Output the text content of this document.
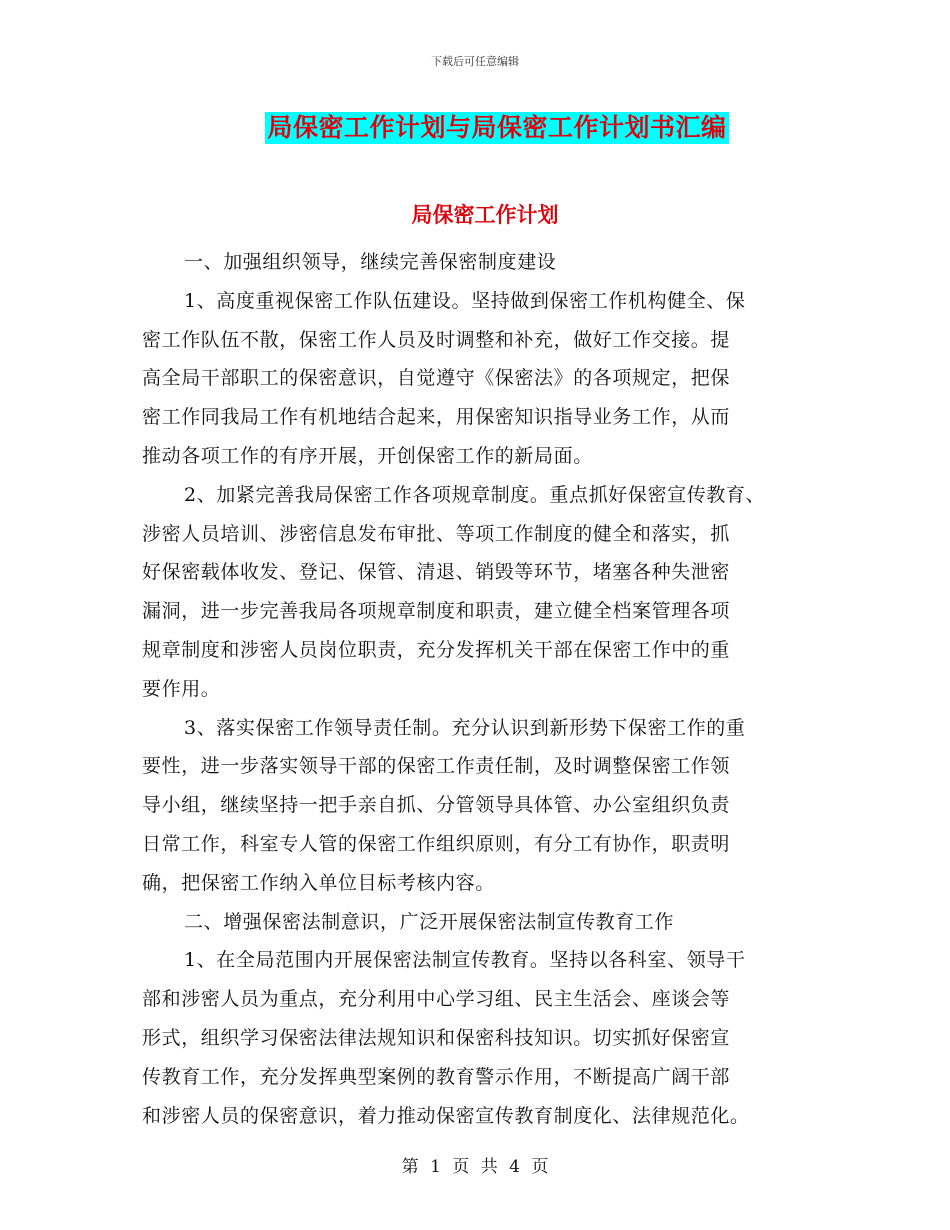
下载后可任意编辑
局保密工作计划与局保密工作计划书汇编
局保密工作计划
一、加强组织领导，继续完善保密制度建设
1、高度重视保密工作队伍建设。坚持做到保密工作机构健全、保
密工作队伍不散，保密工作人员及时调整和补充，做好工作交接。提
高全局干部职工的保密意识，自觉遵守《保密法》的各项规定，把保
密工作同我局工作有机地结合起来，用保密知识指导业务工作，从而
推动各项工作的有序开展，开创保密工作的新局面。
2、加紧完善我局保密工作各项规章制度。重点抓好保密宣传教育、
涉密人员培训、涉密信息发布审批、等项工作制度的健全和落实，抓
好保密载体收发、登记、保管、清退、销毁等环节，堵塞各种失泄密
漏洞，进一步完善我局各项规章制度和职责，建立健全档案管理各项
规章制度和涉密人员岗位职责，充分发挥机关干部在保密工作中的重
要作用。
3、落实保密工作领导责任制。充分认识到新形势下保密工作的重
要性，进一步落实领导干部的保密工作责任制，及时调整保密工作领
导小组，继续坚持一把手亲自抓、分管领导具体管、办公室组织负责
日常工作，科室专人管的保密工作组织原则，有分工有协作，职责明
确，把保密工作纳入单位目标考核内容。
二、增强保密法制意识，广泛开展保密法制宣传教育工作
1、在全局范围内开展保密法制宣传教育。坚持以各科室、领导干
部和涉密人员为重点，充分利用中心学习组、民主生活会、座谈会等
形式，组织学习保密法律法规知识和保密科技知识。切实抓好保密宣
传教育工作，充分发挥典型案例的教育警示作用，不断提高广阔干部
和涉密人员的保密意识，着力推动保密宣传教育制度化、法律规范化。
第 1 页 共 4 页
